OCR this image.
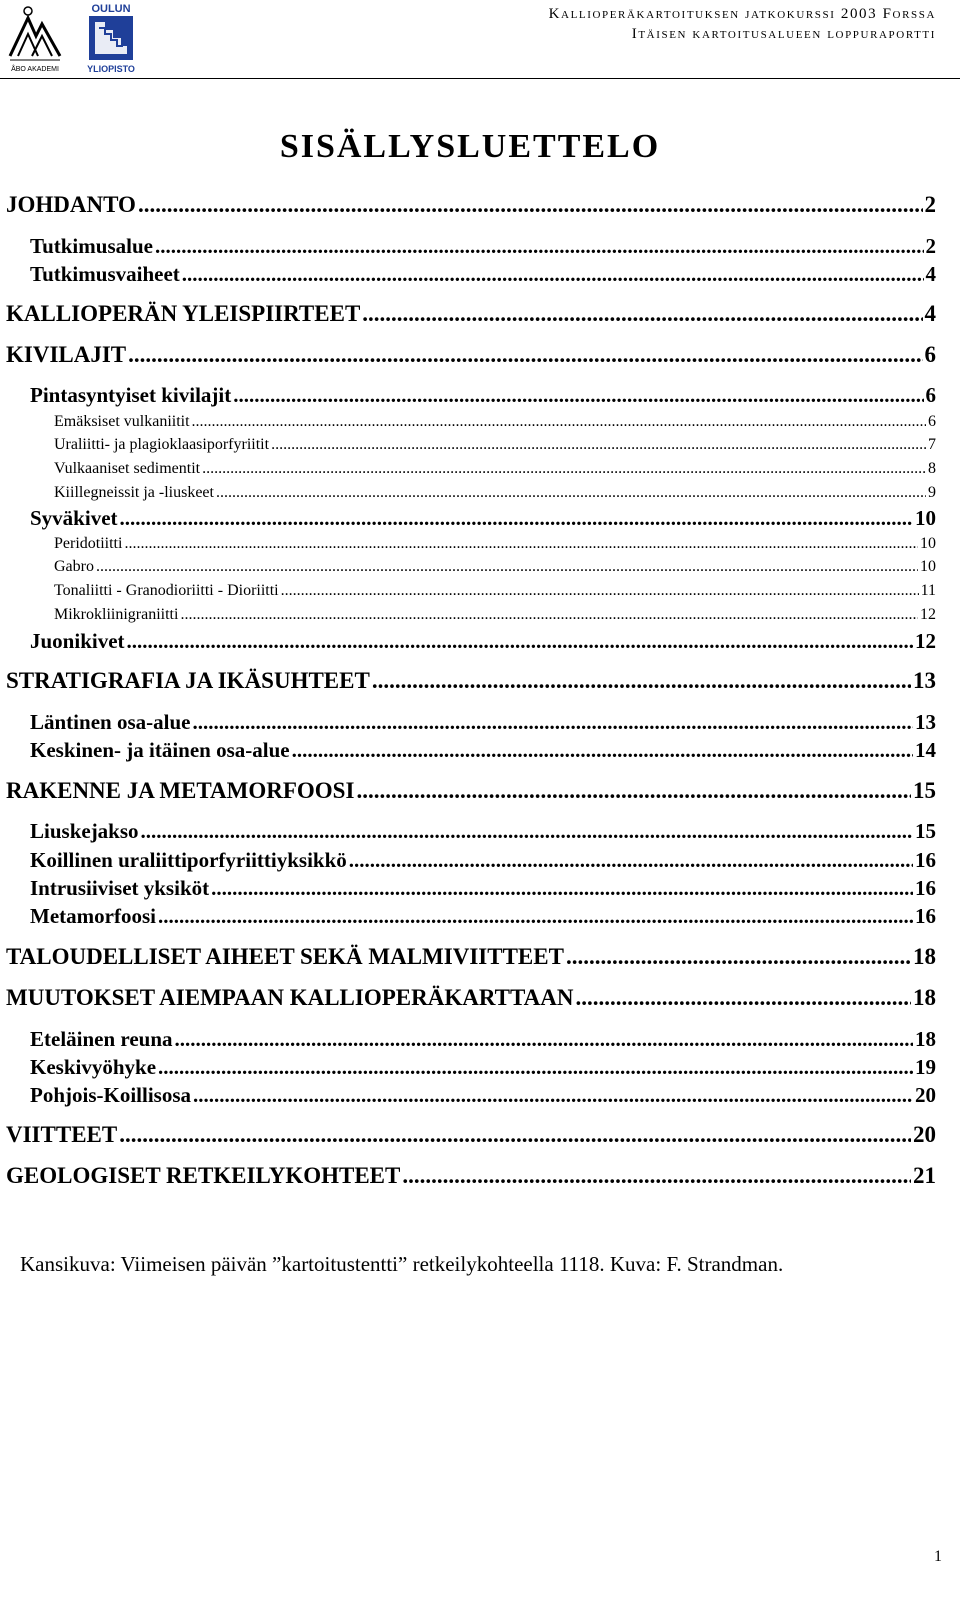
ÅBO AKADEMI
OULUN
YLIOPISTO
Kallioperäkartoituksen jatkokurssi 2003 Forssa
Itäisen kartoitusalueen loppuraportti
SISÄLLYSLUETTELO
JOHDANTO .....	2
Tutkimusalue .....	2
Tutkimusvaiheet .....	4
KALLIOPERÄN YLEISPIIRTEET .....	4
KIVILAJIT .....	6
Pintasyntyiset kivilajit .....	6
Emäksiset vulkaniitit .....	6
Uraliitti- ja plagioklaasiporfyriitit .....	7
Vulkaaniset sedimentit .....	8
Kiillegneissit ja -liuskeet .....	9
Syväkivet .....	10
Peridotiitti .....	10
Gabro .....	10
Tonaliitti - Granodioriitti - Dioriitti .....	11
Mikrokliinigraniitti .....	12
Juonikivet .....	12
STRATIGRAFIA JA IKÄSUHTEET .....	13
Läntinen osa-alue .....	13
Keskinen- ja itäinen osa-alue .....	14
RAKENNE JA METAMORFOOSI .....	15
Liuskejakso .....	15
Koillinen uraliittiporfyriittiyksikkö .....	16
Intrusiiviset yksiköt .....	16
Metamorfoosi .....	16
TALOUDELLISET AIHEET SEKÄ MALMIVIITTEET .....	18
MUUTOKSET AIEMPAAN KALLIOPERÄKARTTAAN .....	18
Eteläinen reuna .....	18
Keskivyöhyke .....	19
Pohjois-Koillisosa .....	20
VIITTEET .....	20
GEOLOGISET RETKEILYKOHTEET .....	21
Kansikuva: Viimeisen päivän ”kartoitustentti” retkeilykohteella 1118. Kuva: F. Strandman.
1
